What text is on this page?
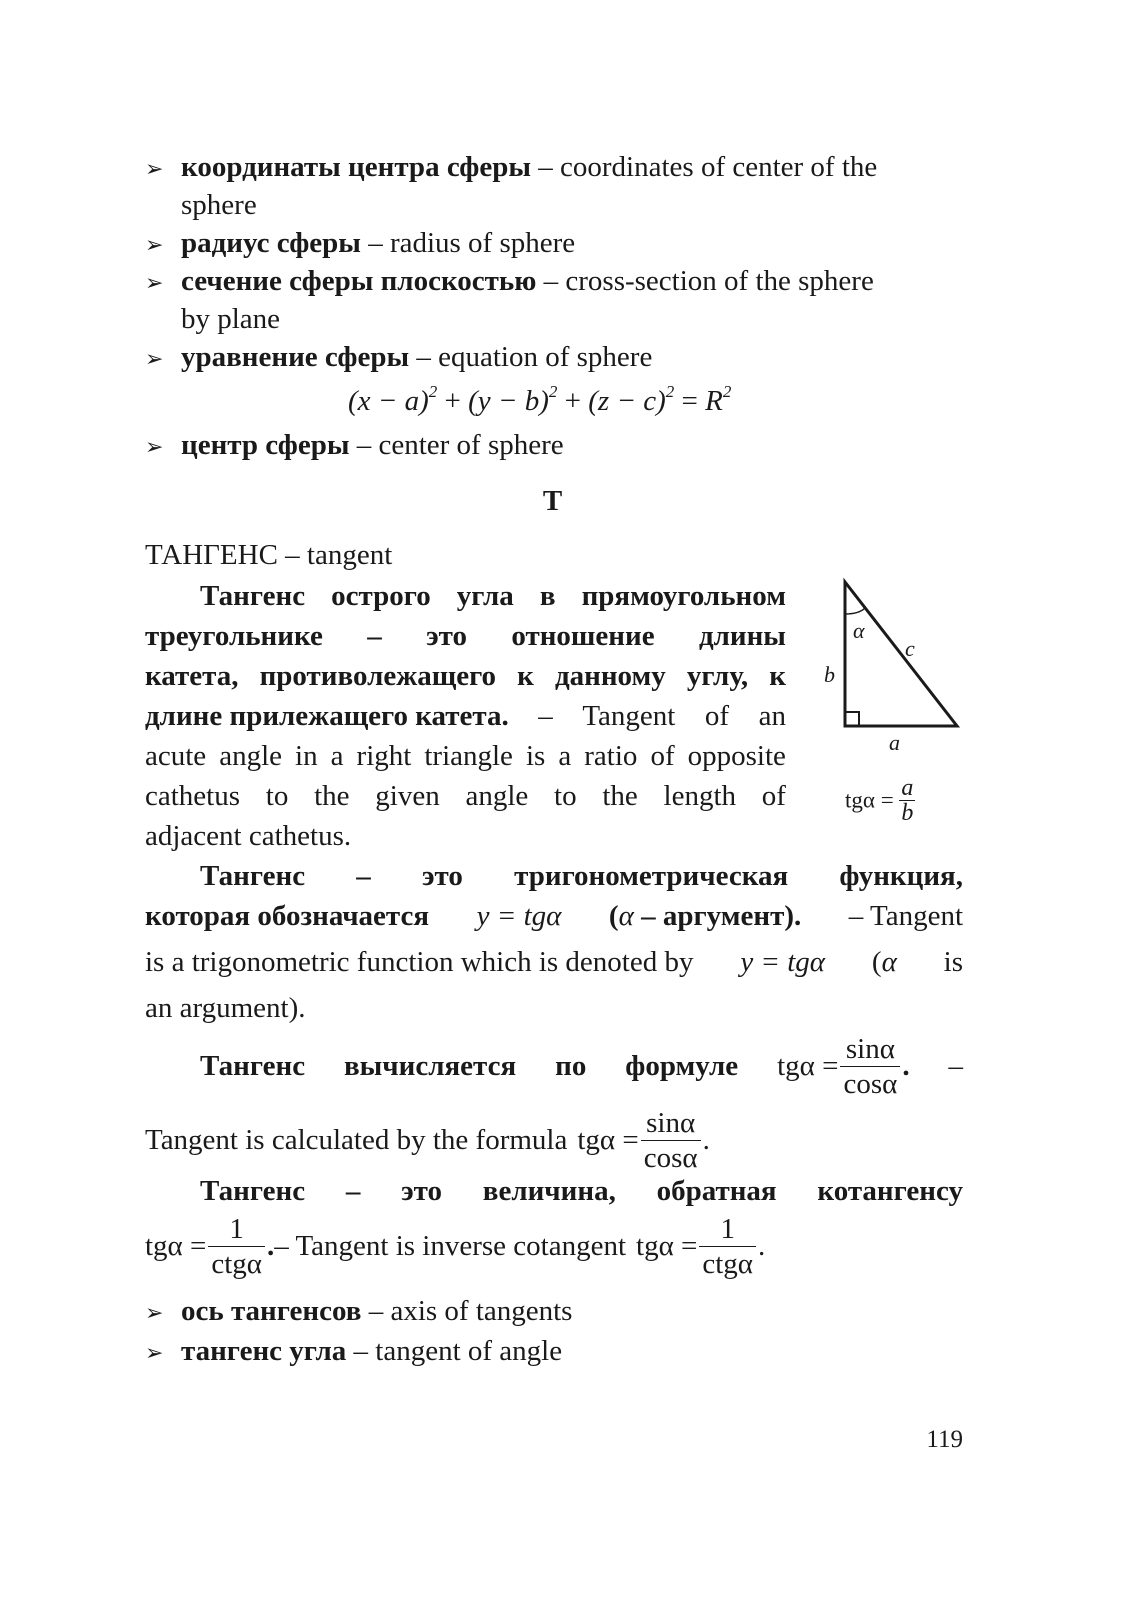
➢ координаты центра сферы – coordinates of center of the
sphere
➢ радиус сферы – radius of sphere
➢ сечение сферы плоскостью – cross-section of the sphere
by plane
➢ уравнение сферы – equation of sphere
$(x - a)^2 + (y - b)^2 + (z - c)^2 = R^2$
➢ центр сферы – center of sphere
Т
ТАНГЕНС – tangent
Тангенс острого угла в прямоугольном
треугольнике – это отношение длины
катета, противолежащего к данному углу, к
длине прилежащего катета. – Tangent of an
acute angle in a right triangle is a ratio of opposite
cathetus to the given angle to the length of
adjacent cathetus.
α
c
b
a
$tg\alpha = \frac{a}{b}$
Тангенс – это тригонометрическая функция,
которая обозначается y = tgα (α – аргумент). – Tangent
is a trigonometric function which is denoted by y = tgα (α is
an argument).
Тангенс вычисляется по формуле $tg\alpha = \frac{\sin\alpha}{\cos\alpha}$ . –
Tangent is calculated by the formula $tg\alpha = \frac{\sin\alpha}{\cos\alpha}$ .
Тангенс – это величина, обратная котангенсу
$tg\alpha = \frac{1}{\text{ctgα}}$ . – Tangent is inverse cotangent $tg\alpha = \frac{1}{\text{ctgα}}$ .
➢ ось тангенсов – axis of tangents
➢ тангенс угла – tangent of angle
119
